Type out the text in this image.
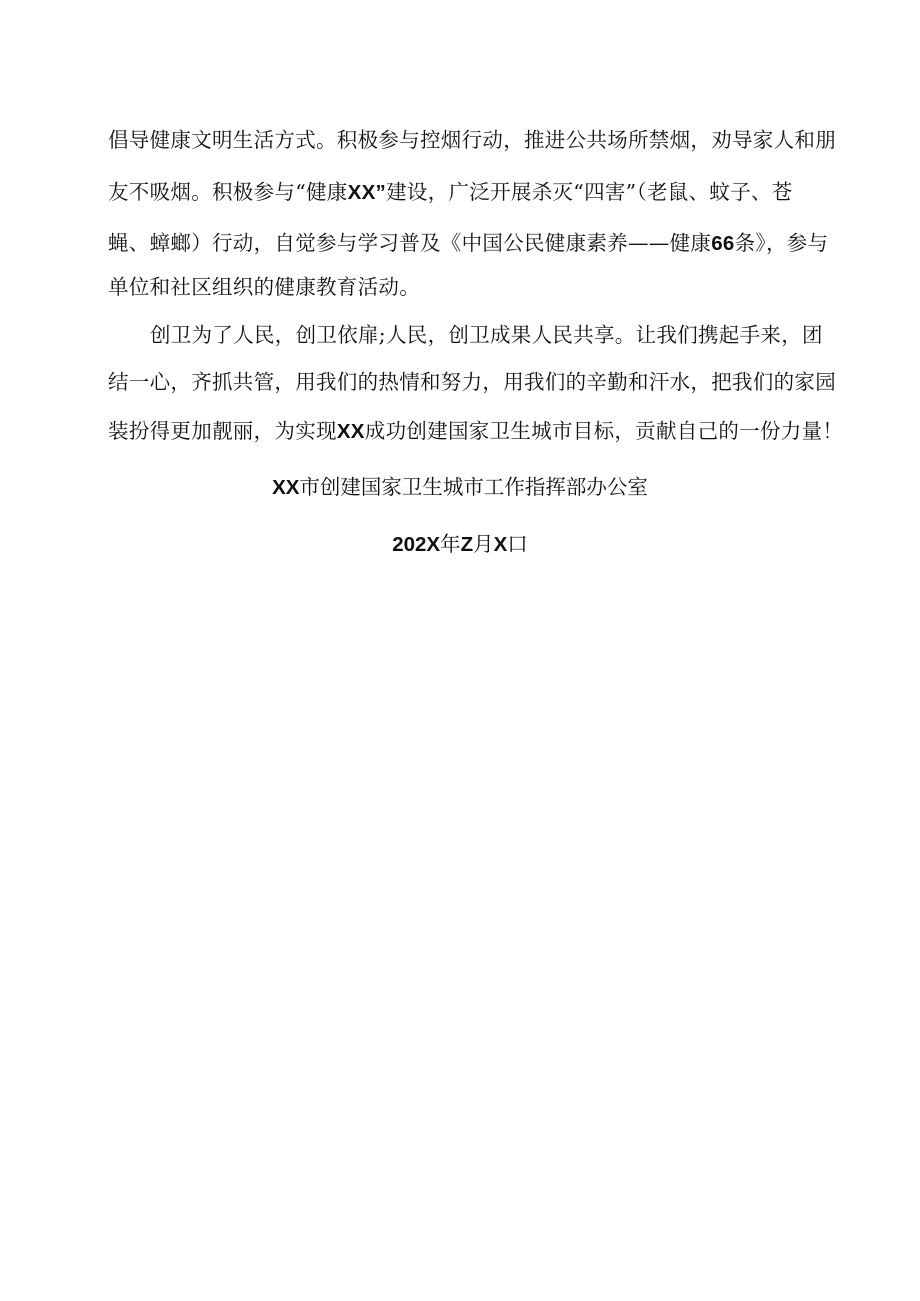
倡导健康文明生活方式。积极参与控烟行动，推进公共场所禁烟，劝导家人和朋
友不吸烟。积极参与“健康XX”建设，广泛开展杀灭“四害”（老鼠、蚊子、苍
蝇、蟑螂）行动，自觉参与学习普及《中国公民健康素养——健康66条》，参与
单位和社区组织的健康教育活动。
创卫为了人民，创卫依扉;人民，创卫成果人民共享。让我们携起手来，团
结一心，齐抓共管，用我们的热情和努力，用我们的辛勤和汗水，把我们的家园
装扮得更加靓丽，为实现XX成功创建国家卫生城市目标，贡献自己的一份力量！
XX市创建国家卫生城市工作指挥部办公室
202X年Z月X口
